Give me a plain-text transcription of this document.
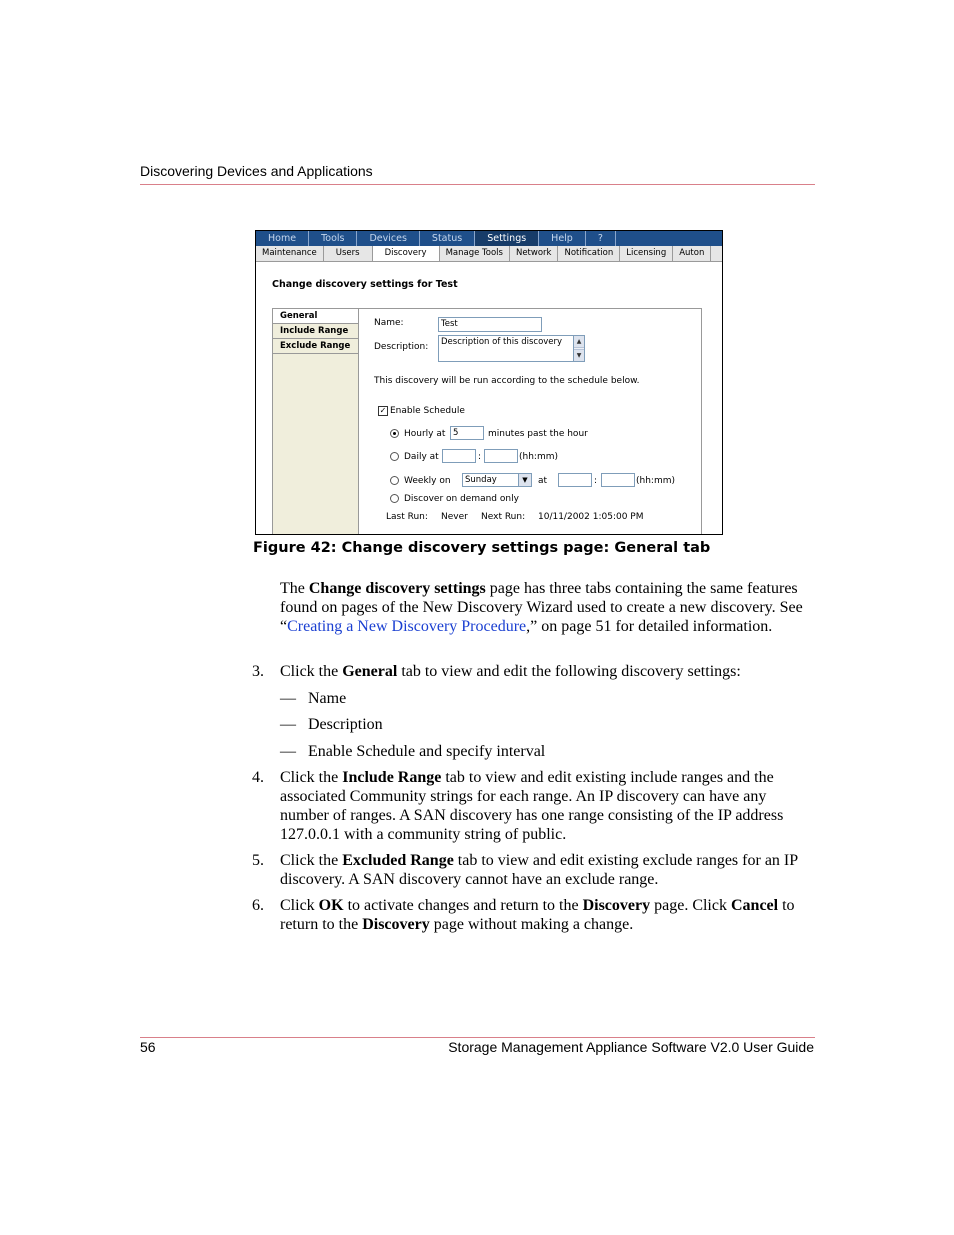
Discovering Devices and Applications
Home	Tools	Devices	Status	Settings	Help	?
Maintenance	Users	Discovery	Manage Tools	Network	Notification	Licensing	Auton
Change discovery settings for Test
General
Include Range
Exclude Range
Name:	Test
Description:	Description of this discovery	▲
▼
This discovery will be run according to the schedule below.
✓ Enable Schedule
Hourly at 5	minutes past the hour
Daily at	:	(hh:mm)
Weekly on	Sunday	▼	at	:	(hh:mm)
Discover on demand only
Last Run: Never Next Run: 10/11/2002 1:05:00 PM
Figure 42: Change discovery settings page: General tab
The Change discovery settings page has three tabs containing the same features found on pages of the New Discovery Wizard used to create a new discovery. See “Creating a New Discovery Procedure,” on page 51 for detailed information.
3. Click the General tab to view and edit the following discovery settings:
— Name
— Description
— Enable Schedule and specify interval
4. Click the Include Range tab to view and edit existing include ranges and the associated Community strings for each range. An IP discovery can have any number of ranges. A SAN discovery has one range consisting of the IP address 127.0.0.1 with a community string of public.
5. Click the Excluded Range tab to view and edit existing exclude ranges for an IP discovery. A SAN discovery cannot have an exclude range.
6. Click OK to activate changes and return to the Discovery page. Click Cancel to return to the Discovery page without making a change.
56	Storage Management Appliance Software V2.0 User Guide
